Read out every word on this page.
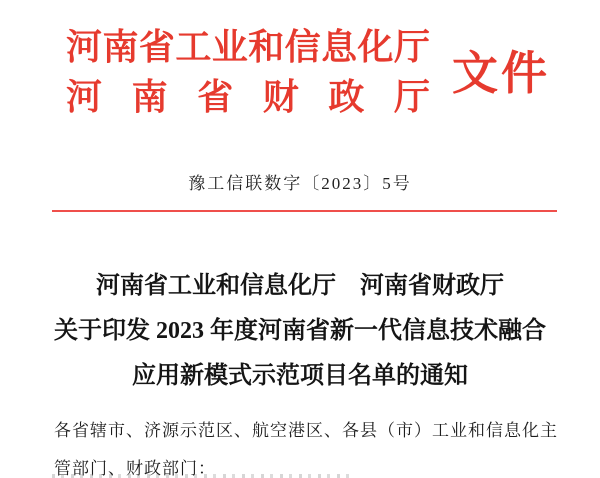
河南省工业和信息化厅
河南省财政厅 文件
豫工信联数字〔2023〕5号
河南省工业和信息化厅　河南省财政厅
关于印发 2023 年度河南省新一代信息技术融合
应用新模式示范项目名单的通知
各省辖市、济源示范区、航空港区、各县（市）工业和信息化主
管部门、财政部门：
